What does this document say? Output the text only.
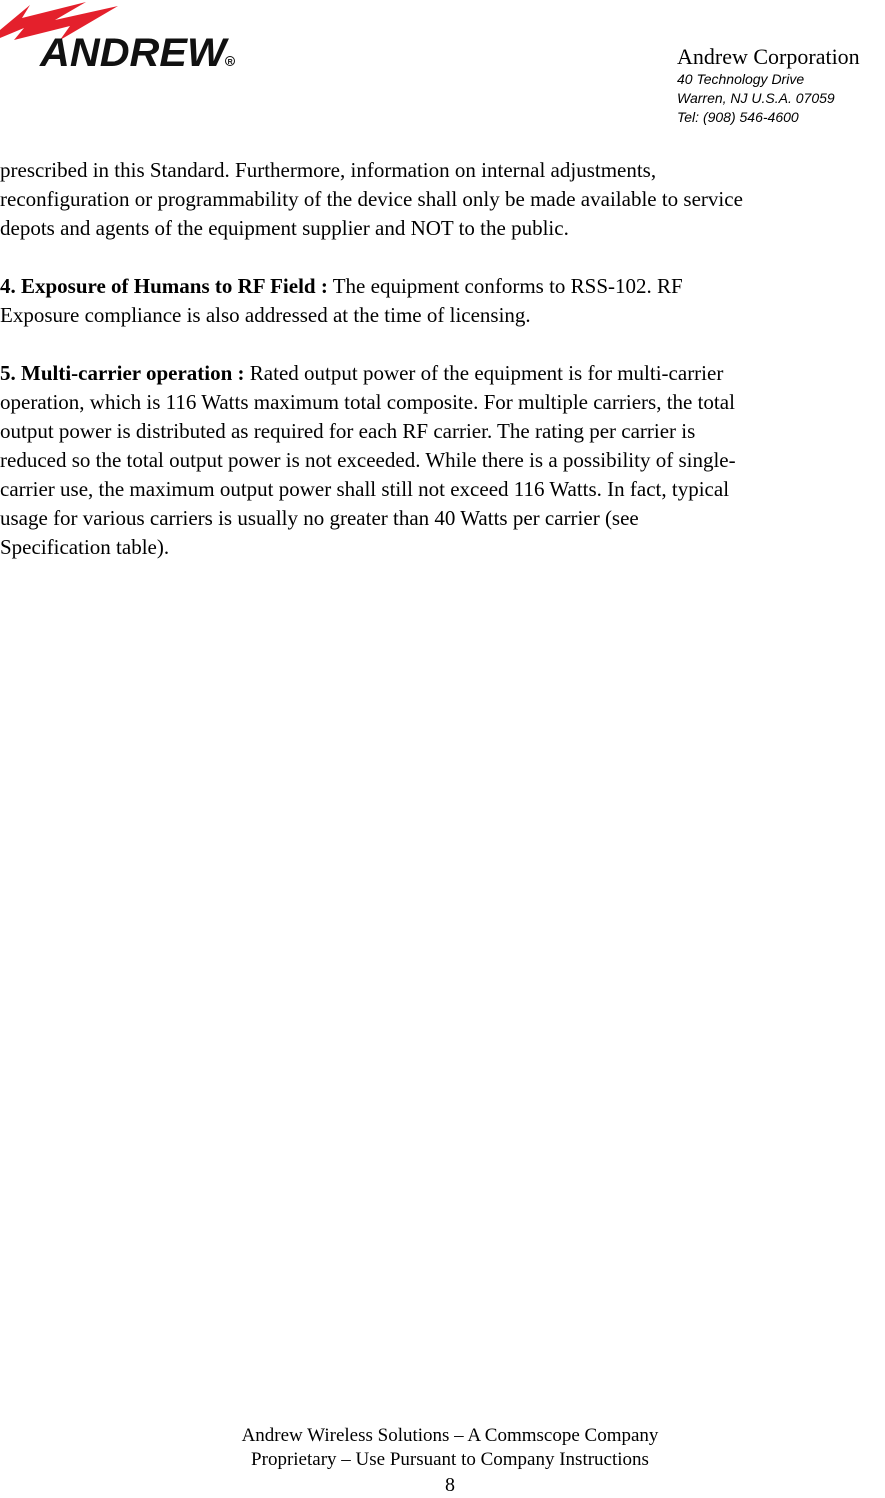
ANDREW
R	Andrew Corporation
40 Technology Drive
Warren, NJ U.S.A. 07059
Tel: (908) 546-4600

prescribed in this Standard. Furthermore, information on internal adjustments,
reconfiguration or programmability of the device shall only be made available to service
depots and agents of the equipment supplier and NOT to the public.

4. Exposure of Humans to RF Field : The equipment conforms to RSS-102. RF
Exposure compliance is also addressed at the time of licensing.

5. Multi-carrier operation : Rated output power of the equipment is for multi-carrier
operation, which is 116 Watts maximum total composite. For multiple carriers, the total
output power is distributed as required for each RF carrier. The rating per carrier is
reduced so the total output power is not exceeded. While there is a possibility of single-
carrier use, the maximum output power shall still not exceed 116 Watts. In fact, typical
usage for various carriers is usually no greater than 40 Watts per carrier (see
Specification table).

Andrew Wireless Solutions – A Commscope Company
Proprietary – Use Pursuant to Company Instructions
8
